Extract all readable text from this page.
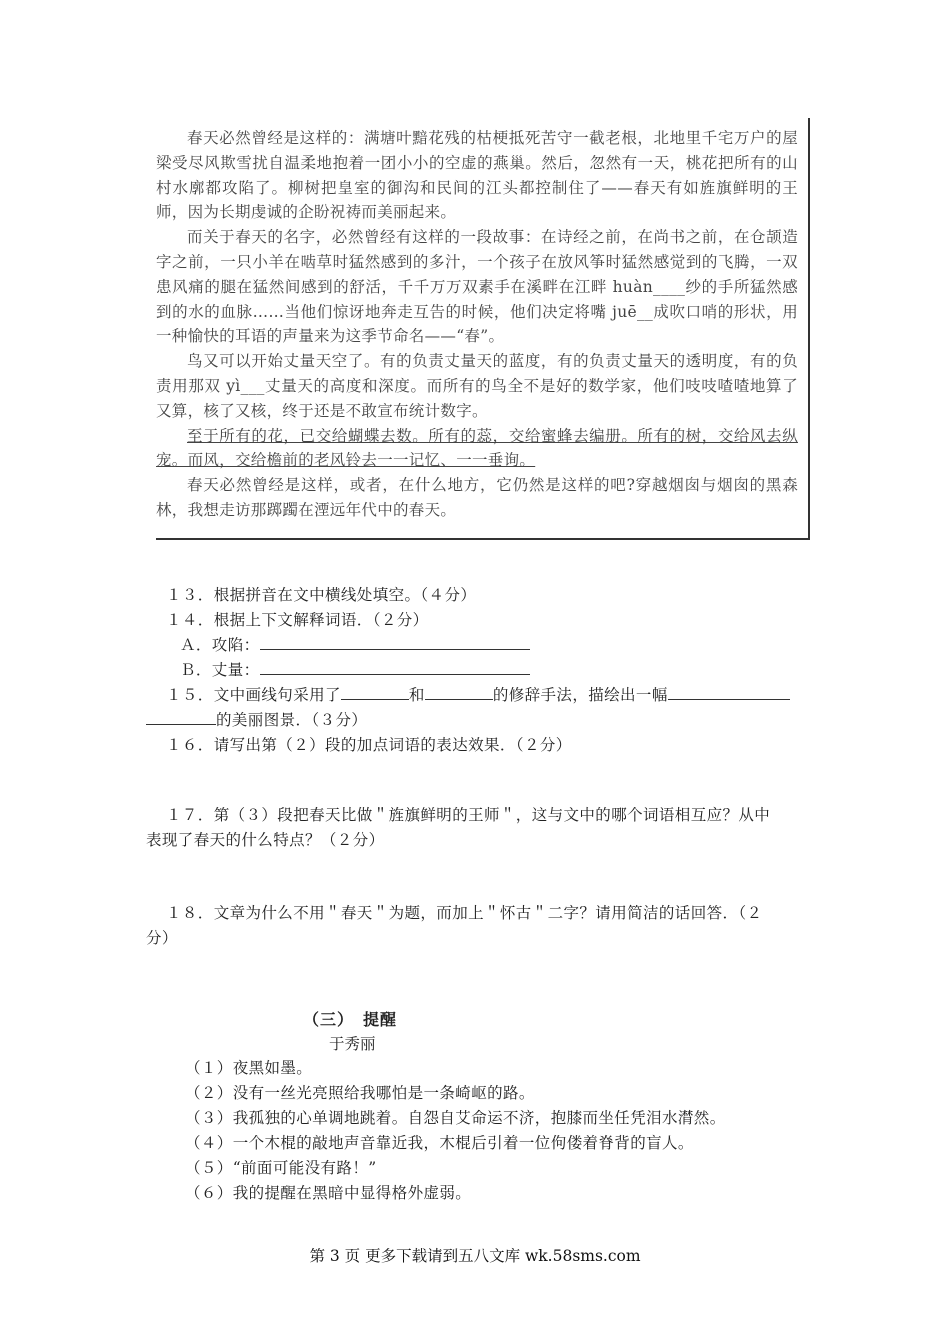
春天必然曾经是这样的：满塘叶黯花残的枯梗抵死苦守一截老根，北地里千宅万户的屋梁受尽风欺雪扰自温柔地抱着一团小小的空虚的燕巢。然后，忽然有一天，桃花把所有的山村水廓都攻陷了。柳树把皇室的御沟和民间的江头都控制住了——春天有如旌旗鲜明的王师，因为长期虔诚的企盼祝祷而美丽起来。

而关于春天的名字，必然曾经有这样的一段故事：在诗经之前，在尚书之前，在仓颉造字之前，一只小羊在啮草时猛然感到的多汁，一个孩子在放风筝时猛然感觉到的飞腾，一双患风痛的腿在猛然间感到的舒活，千千万万双素手在溪畔在江畔 huàn____纱的手所猛然感到的水的血脉……当他们惊讶地奔走互告的时候，他们决定将嘴 juē__成吹口哨的形状，用一种愉快的耳语的声量来为这季节命名——“春”。

鸟又可以开始丈量天空了。有的负责丈量天的蓝度，有的负责丈量天的透明度，有的负责用那双 yì___丈量天的高度和深度。而所有的鸟全不是好的数学家，他们吱吱喳喳地算了又算，核了又核，终于还是不敢宣布统计数字。

至于所有的花，已交给蝴蝶去数。所有的蕊，交给蜜蜂去编册。所有的树，交给风去纵宠。而风，交给檐前的老风铃去一一记忆、一一垂询。

春天必然曾经是这样，或者，在什么地方，它仍然是这样的吧?穿越烟囱与烟囱的黑森林，我想走访那踯躅在湮远年代中的春天。

１３．根据拼音在文中横线处填空。（４分）

１４．根据上下文解释词语．（２分）

Ａ．攻陷：

Ｂ．丈量：

１５．文中画线句采用了	和	的修辞手法，描绘出一幅

的美丽图景．（３分）

１６．请写出第（２）段的加点词语的表达效果．（２分）

１７．第（３）段把春天比做＂旌旗鲜明的王师＂，这与文中的哪个词语相互应？从中

表现了春天的什么特点？（２分）

１８．文章为什么不用＂春天＂为题，而加上＂怀古＂二字？请用简洁的话回答．（２

分）

（三）　提醒

于秀丽

（１）夜黑如墨。

（２）没有一丝光亮照给我哪怕是一条崎岖的路。

（３）我孤独的心单调地跳着。自怨自艾命运不济，抱膝而坐任凭泪水潸然。

（４）一个木棍的敲地声音靠近我，木棍后引着一位佝偻着脊背的盲人。

（５）“前面可能没有路！”

（６）我的提醒在黑暗中显得格外虚弱。

第 3 页 更多下载请到五八文库 wk.58sms.com
